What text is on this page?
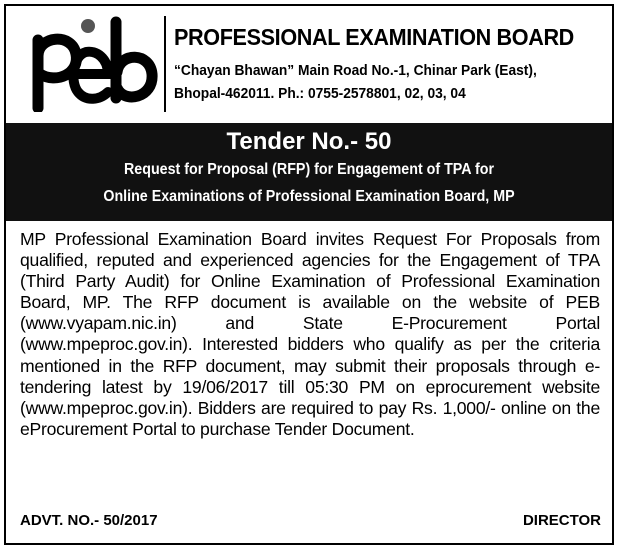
PROFESSIONAL EXAMINATION BOARD
“Chayan Bhawan” Main Road No.-1, Chinar Park (East),
Bhopal-462011. Ph.: 0755-2578801, 02, 03, 04
Tender No.- 50
Request for Proposal (RFP) for Engagement of TPA for
Online Examinations of Professional Examination Board, MP
MP Professional Examination Board invites Request For Proposals from qualified, reputed and experienced agencies for the Engagement of TPA (Third Party Audit) for Online Examination of Professional Examination Board, MP. The RFP document is available on the website of PEB (www.vyapam.nic.in) and State E-Procurement Portal (www.mpeproc.gov.in). Interested bidders who qualify as per the criteria mentioned in the RFP document, may submit their proposals through e-tendering latest by 19/06/2017 till 05:30 PM on eprocurement website (www.mpeproc.gov.in). Bidders are required to pay Rs. 1,000/- online on the eProcurement Portal to purchase Tender Document.
ADVT. NO.- 50/2017	DIRECTOR
